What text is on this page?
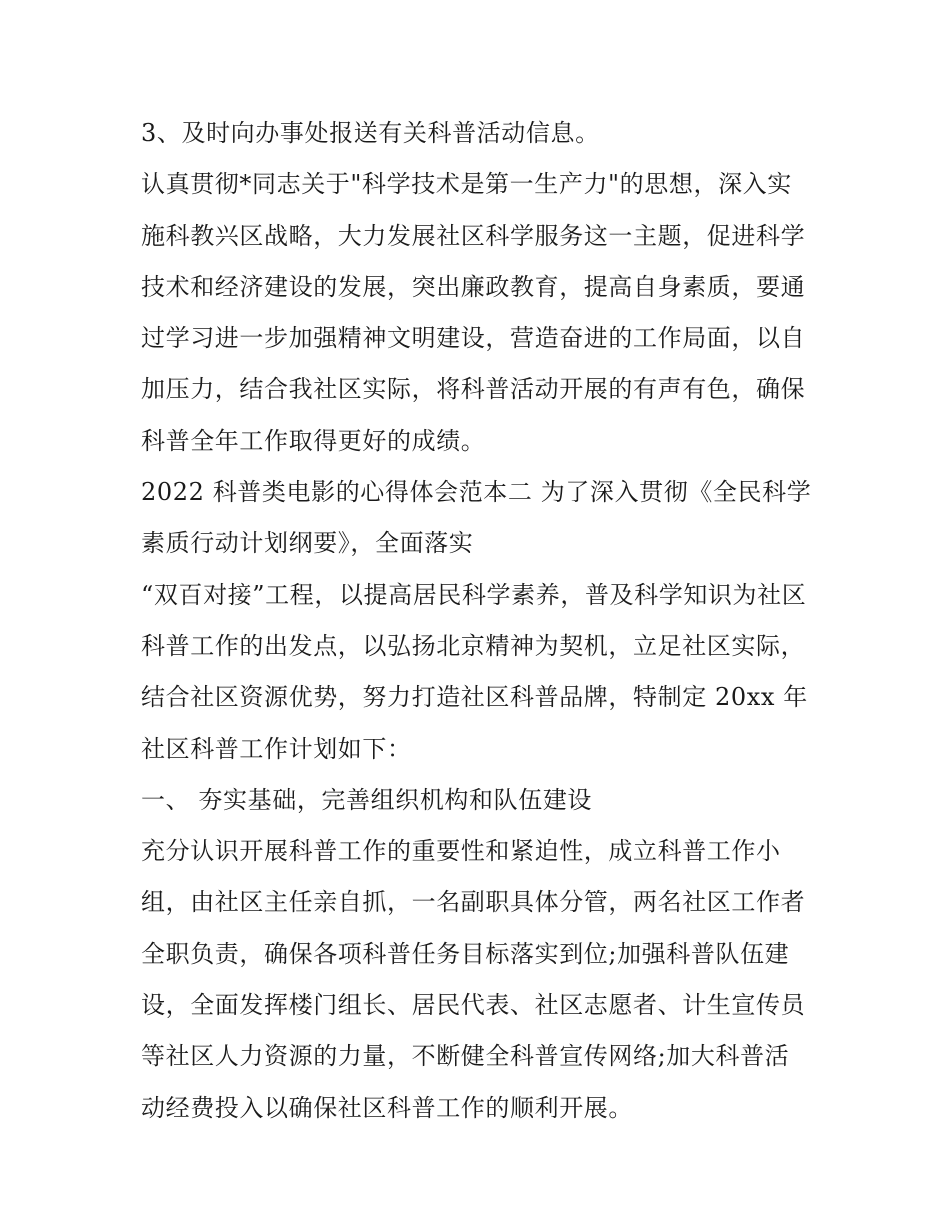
3、及时向办事处报送有关科普活动信息。
认真贯彻*同志关于"科学技术是第一生产力"的思想，深入实
施科教兴区战略，大力发展社区科学服务这一主题，促进科学
技术和经济建设的发展，突出廉政教育，提高自身素质，要通
过学习进一步加强精神文明建设，营造奋进的工作局面，以自
加压力，结合我社区实际，将科普活动开展的有声有色，确保
科普全年工作取得更好的成绩。
2022 科普类电影的心得体会范本二 为了深入贯彻《全民科学
素质行动计划纲要》，全面落实
“双百对接”工程，以提高居民科学素养，普及科学知识为社区
科普工作的出发点，以弘扬北京精神为契机，立足社区实际，
结合社区资源优势，努力打造社区科普品牌，特制定 20xx 年
社区科普工作计划如下：
一、 夯实基础，完善组织机构和队伍建设
充分认识开展科普工作的重要性和紧迫性，成立科普工作小
组，由社区主任亲自抓，一名副职具体分管，两名社区工作者
全职负责，确保各项科普任务目标落实到位;加强科普队伍建
设，全面发挥楼门组长、居民代表、社区志愿者、计生宣传员
等社区人力资源的力量，不断健全科普宣传网络;加大科普活
动经费投入以确保社区科普工作的顺利开展。
